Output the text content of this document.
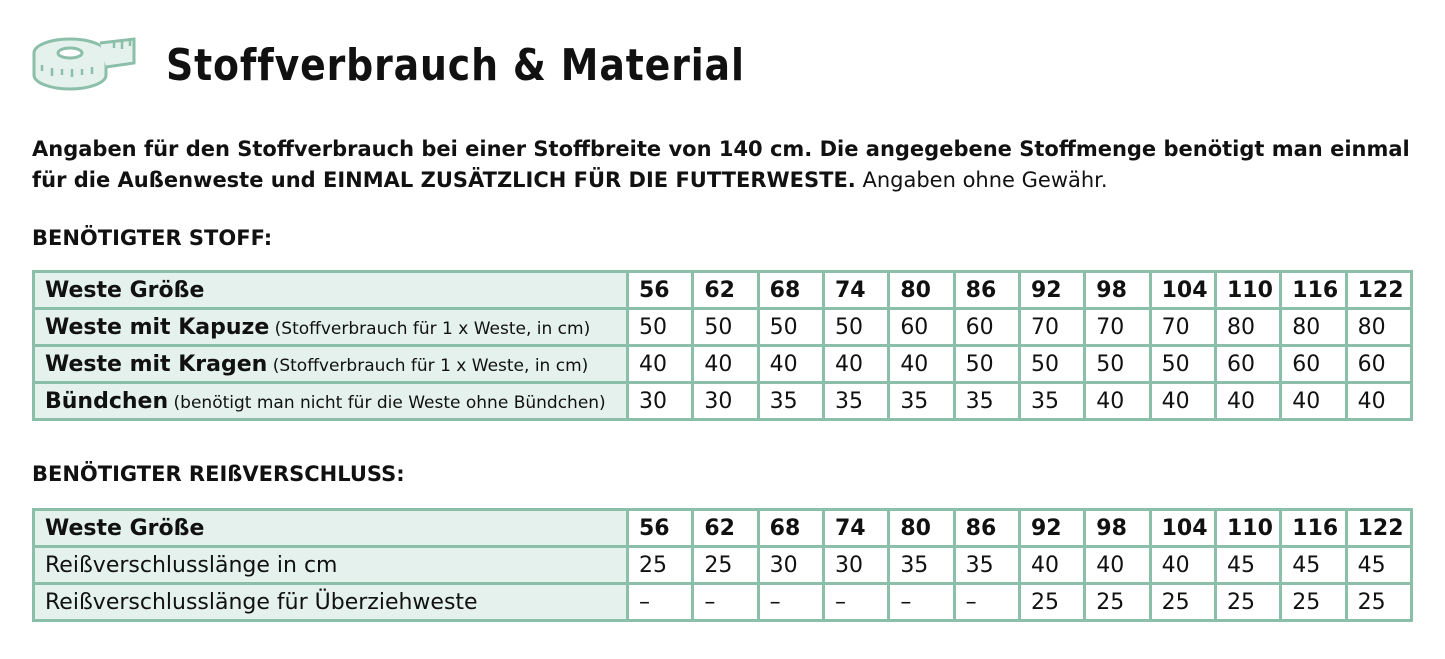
Stoffverbrauch & Material
Angaben für den Stoffverbrauch bei einer Stoffbreite von 140 cm. Die angegebene Stoffmenge benötigt man einmal für die Außenweste und EINMAL ZUSÄTZLICH FÜR DIE FUTTERWESTE. Angaben ohne Gewähr.
BENÖTIGTER STOFF:
Weste Größe	56	62	68	74	80	86	92	98	104	110	116	122
Weste mit Kapuze (Stoffverbrauch für 1 x Weste, in cm)	50	50	50	50	60	60	70	70	70	80	80	80
Weste mit Kragen (Stoffverbrauch für 1 x Weste, in cm)	40	40	40	40	40	50	50	50	50	60	60	60
Bündchen (benötigt man nicht für die Weste ohne Bündchen)	30	30	35	35	35	35	35	40	40	40	40	40
BENÖTIGTER REIßVERSCHLUSS:
Weste Größe	56	62	68	74	80	86	92	98	104	110	116	122
Reißverschlusslänge in cm	25	25	30	30	35	35	40	40	40	45	45	45
Reißverschlusslänge für Überziehweste	–	–	–	–	–	–	25	25	25	25	25	25
